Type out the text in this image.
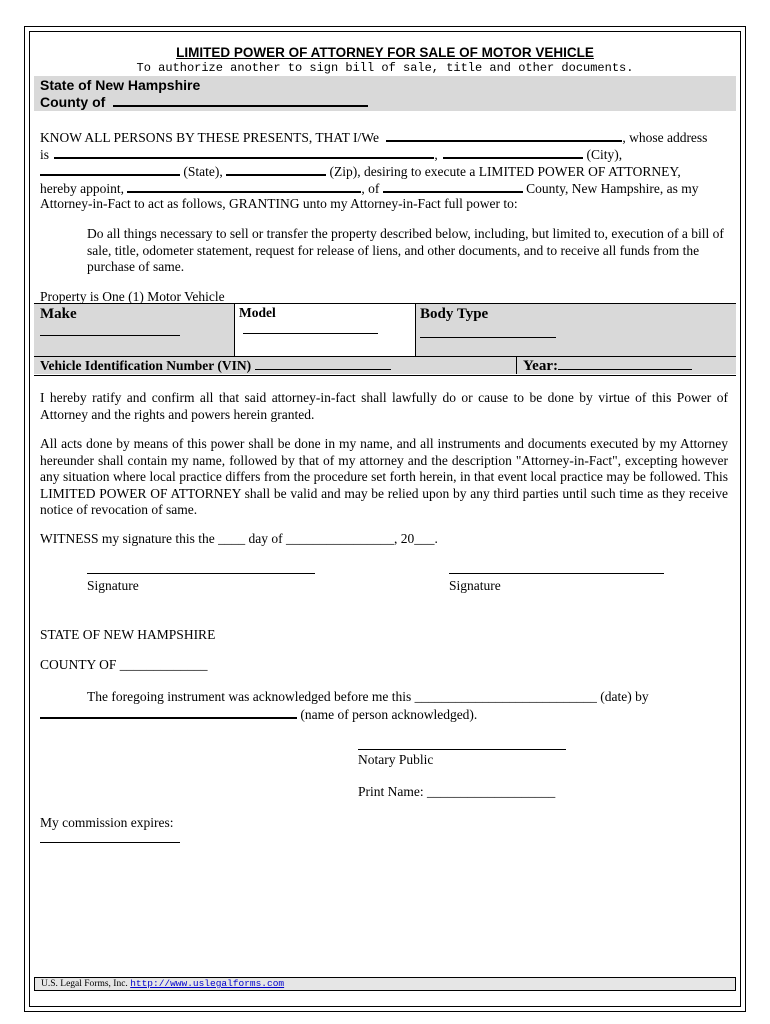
LIMITED POWER OF ATTORNEY FOR SALE OF MOTOR VEHICLE
To authorize another to sign bill of sale, title and other documents.
State of New Hampshire
County of
KNOW ALL PERSONS BY THESE PRESENTS, THAT I/We	, whose address
is	,	(City),
(State),	(Zip), desiring to execute a LIMITED POWER OF ATTORNEY,
hereby appoint,	, of	County, New Hampshire, as my
Attorney-in-Fact to act as follows, GRANTING unto my Attorney-in-Fact full power to:
Do all things necessary to sell or transfer the property described below, including, but limited to, execution of a bill of sale, title, odometer statement, request for release of liens, and other documents, and to receive all funds from the purchase of same.
Property is One (1) Motor Vehicle
Make	Model	Body Type
Vehicle Identification Number (VIN)	Year:
I hereby ratify and confirm all that said attorney-in-fact shall lawfully do or cause to be done by virtue of this Power of Attorney and the rights and powers herein granted.
All acts done by means of this power shall be done in my name, and all instruments and documents executed by my Attorney hereunder shall contain my name, followed by that of my attorney and the description "Attorney-in-Fact", excepting however any situation where local practice differs from the procedure set forth herein, in that event local practice may be followed. This LIMITED POWER OF ATTORNEY shall be valid and may be relied upon by any third parties until such time as they receive notice of revocation of same.
WITNESS my signature this the ____ day of ________________, 20___.
Signature	Signature
STATE OF NEW HAMPSHIRE
COUNTY OF _____________
The foregoing instrument was acknowledged before me this ___________________________ (date) by
(name of person acknowledged).
Notary Public
Print Name: ___________________
My commission expires:
U.S. Legal Forms, Inc. http://www.uslegalforms.com
